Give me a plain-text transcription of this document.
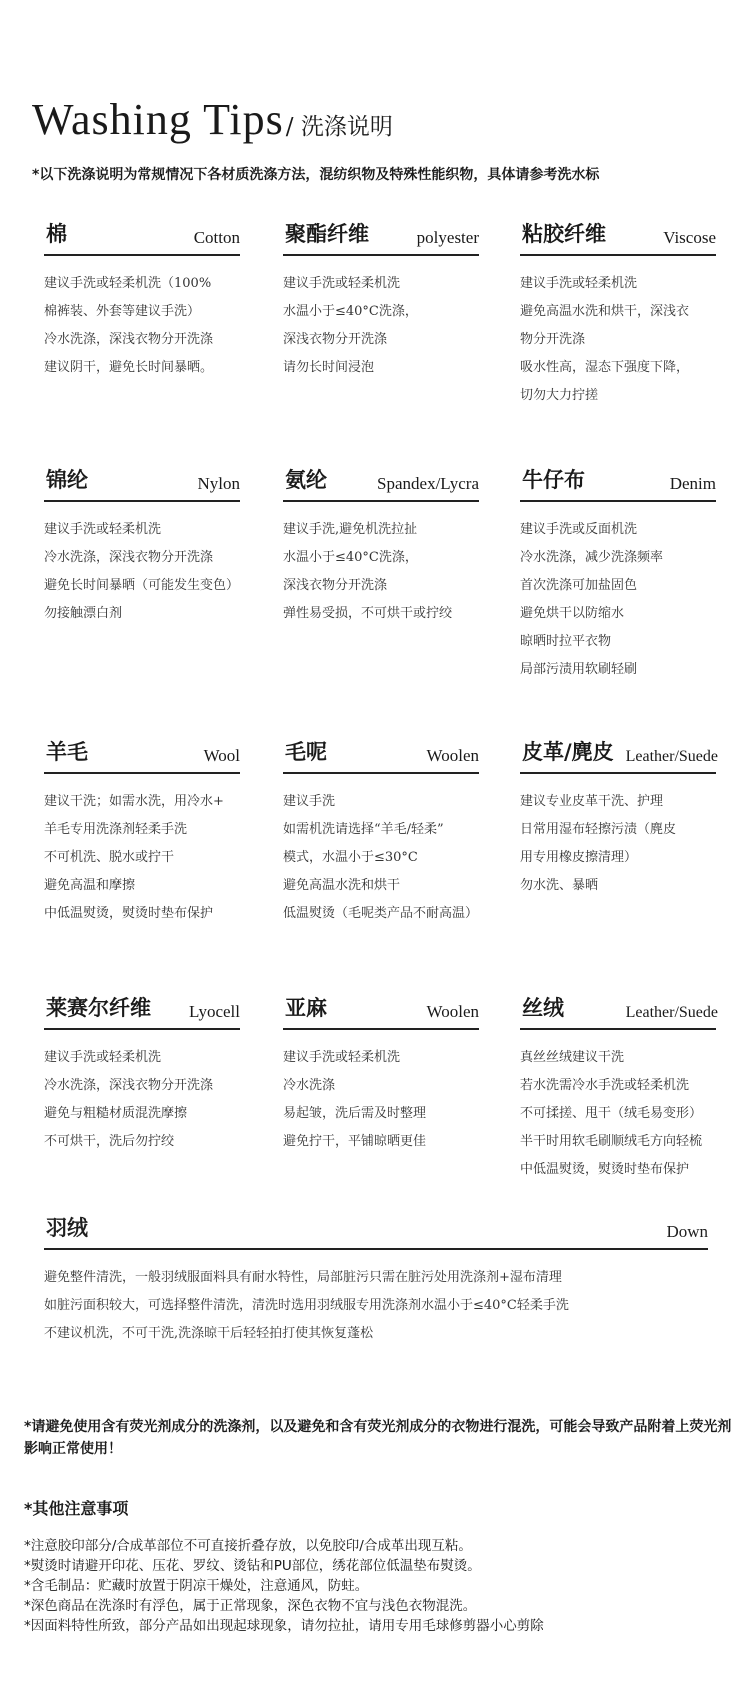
Washing Tips/ 洗涤说明
*以下洗涤说明为常规情况下各材质洗涤方法，混纺织物及特殊性能织物，具体请参考洗水标
棉	Cotton
建议手洗或轻柔机洗（100%
棉裤装、外套等建议手洗）
冷水洗涤，深浅衣物分开洗涤
建议阴干，避免长时间暴晒。
聚酯纤维	polyester
建议手洗或轻柔机洗
水温小于≤40°C洗涤，
深浅衣物分开洗涤
请勿长时间浸泡
粘胶纤维	Viscose
建议手洗或轻柔机洗
避免高温水洗和烘干，深浅衣
物分开洗涤
吸水性高，湿态下强度下降，
切勿大力拧搓
锦纶	Nylon
建议手洗或轻柔机洗
冷水洗涤，深浅衣物分开洗涤
避免长时间暴晒（可能发生变色）
勿接触漂白剂
氨纶	Spandex/Lycra
建议手洗,避免机洗拉扯
水温小于≤40°C洗涤，
深浅衣物分开洗涤
弹性易受损，不可烘干或拧绞
牛仔布	Denim
建议手洗或反面机洗
冷水洗涤，减少洗涤频率
首次洗涤可加盐固色
避免烘干以防缩水
晾晒时拉平衣物
局部污渍用软刷轻刷
羊毛	Wool
建议干洗；如需水洗，用冷水+
羊毛专用洗涤剂轻柔手洗
不可机洗、脱水或拧干
避免高温和摩擦
中低温熨烫，熨烫时垫布保护
毛呢	Woolen
建议手洗
如需机洗请选择“羊毛/轻柔”
模式，水温小于≤30°C
避免高温水洗和烘干
低温熨烫（毛呢类产品不耐高温）
皮革/麂皮 Leather/Suede
建议专业皮革干洗、护理
日常用湿布轻擦污渍（麂皮
用专用橡皮擦清理）
勿水洗、暴晒
莱赛尔纤维 Lyocell
建议手洗或轻柔机洗
冷水洗涤，深浅衣物分开洗涤
避免与粗糙材质混洗摩擦
不可烘干，洗后勿拧绞
亚麻	Woolen
建议手洗或轻柔机洗
冷水洗涤
易起皱，洗后需及时整理
避免拧干，平铺晾晒更佳
丝绒	Leather/Suede
真丝丝绒建议干洗
若水洗需冷水手洗或轻柔机洗
不可揉搓、甩干（绒毛易变形）
半干时用软毛刷顺绒毛方向轻梳
中低温熨烫，熨烫时垫布保护
羽绒	Down
避免整件清洗，一般羽绒服面料具有耐水特性，局部脏污只需在脏污处用洗涤剂+湿布清理
如脏污面积较大，可选择整件清洗，清洗时选用羽绒服专用洗涤剂水温小于≤40°C轻柔手洗
不建议机洗，不可干洗,洗涤晾干后轻轻拍打使其恢复蓬松
*请避免使用含有荧光剂成分的洗涤剂，以及避免和含有荧光剂成分的衣物进行混洗，可能会导致产品附着上荧光剂影响正常使用！
*其他注意事项
*注意胶印部分/合成革部位不可直接折叠存放，以免胶印/合成革出现互粘。
*熨烫时请避开印花、压花、罗纹、烫钻和PU部位，绣花部位低温垫布熨烫。
*含毛制品：贮藏时放置于阴凉干燥处，注意通风，防蛀。
*深色商品在洗涤时有浮色，属于正常现象，深色衣物不宜与浅色衣物混洗。
*因面料特性所致，部分产品如出现起球现象，请勿拉扯，请用专用毛球修剪器小心剪除
